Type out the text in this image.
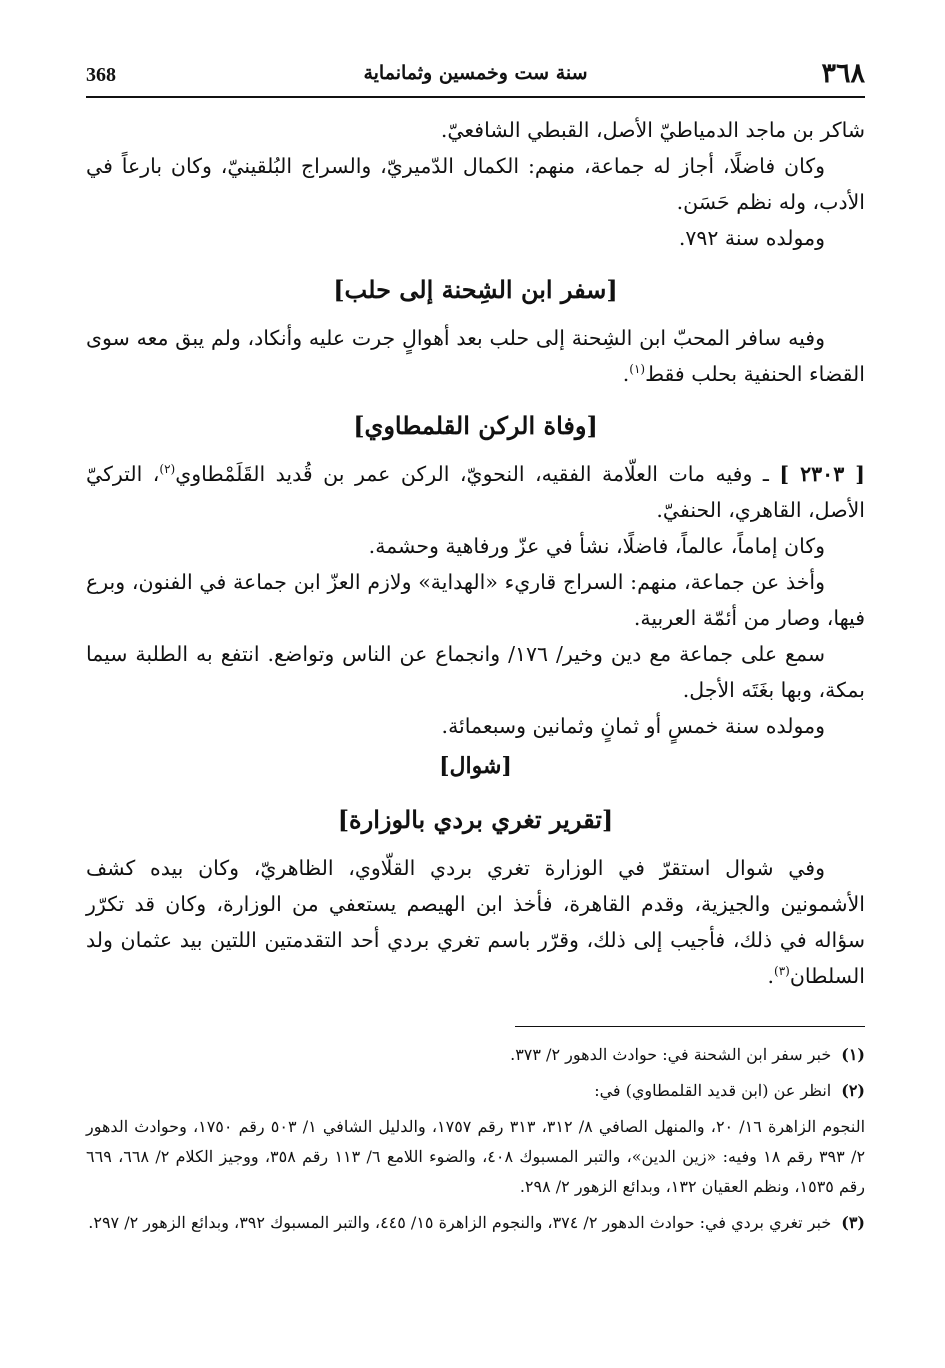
٣٦٨
سنة ست وخمسين وثمانماية
368

شاكر بن ماجد الدمياطيّ الأصل، القبطي الشافعيّ.

وكان فاضلًا، أجاز له جماعة، منهم: الكمال الدّميريّ، والسراج البُلقينيّ، وكان بارعاً في الأدب، وله نظم حَسَن.

ومولده سنة ٧٩٢.

[سفر ابن الشِحنة إلى حلب]

وفيه سافر المحبّ ابن الشِحنة إلى حلب بعد أهوالٍ جرت عليه وأنكاد، ولم يبق معه سوى القضاء الحنفية بحلب فقط$^{(١)}$.

[وفاة الركن القلمطاوي]

[ ٢٣٠٣ ] ـ وفيه مات العلّامة الفقيه، النحويّ، الركن عمر بن قُديد القَلَمْطاوي$^{(٢)}$، التركيّ الأصل، القاهري، الحنفيّ.

وكان إماماً، عالماً، فاضلًا، نشأ في عزّ ورفاهية وحشمة.

وأخذ عن جماعة، منهم: السراج قاريء «الهداية» ولازم العزّ ابن جماعة في الفنون، وبرع فيها، وصار من أئمّة العربية.

سمع على جماعة مع دين وخير/ ١٧٦/ وانجماع عن الناس وتواضع. انتفع به الطلبة سيما بمكة، وبها بغَتَه الأجل.

ومولده سنة خمسٍ أو ثمانٍ وثمانين وسبعمائة.

[شوال]
[تقرير تغري بردي بالوزارة]

وفي شوال استقرّ في الوزارة تغري بردي القلّاوي، الظاهريّ، وكان بيده كشف الأشمونين والجيزية، وقدم القاهرة، فأخذ ابن الهيصم يستعفي من الوزارة، وكان قد تكرّر سؤاله في ذلك، فأجيب إلى ذلك، وقرّر باسم تغري بردي أحد التقدمتين اللتين بيد عثمان ولد السلطان$^{(٣)}$.

(١)خبر سفر ابن الشحنة في: حوادث الدهور ٢/ ٣٧٣.

(٢)انظر عن (ابن قديد القلمطاوي) في:

النجوم الزاهرة ١٦/ ٢٠، والمنهل الصافي ٨/ ٣١٢، ٣١٣ رقم ١٧٥٧، والدليل الشافي ١/ ٥٠٣ رقم ١٧٥٠، وحوادث الدهور ٢/ ٣٩٣ رقم ١٨ وفيه: «زين الدين»، والتبر المسبوك ٤٠٨، والضوء اللامع ٦/ ١١٣ رقم ٣٥٨، ووجيز الكلام ٢/ ٦٦٨، ٦٦٩ رقم ١٥٣٥، ونظم العقيان ١٣٢، وبدائع الزهور ٢/ ٢٩٨.

(٣)خبر تغري بردي في: حوادث الدهور ٢/ ٣٧٤، والنجوم الزاهرة ١٥/ ٤٤٥، والتبر المسبوك ٣٩٢، وبدائع الزهور ٢/ ٢٩٧.
